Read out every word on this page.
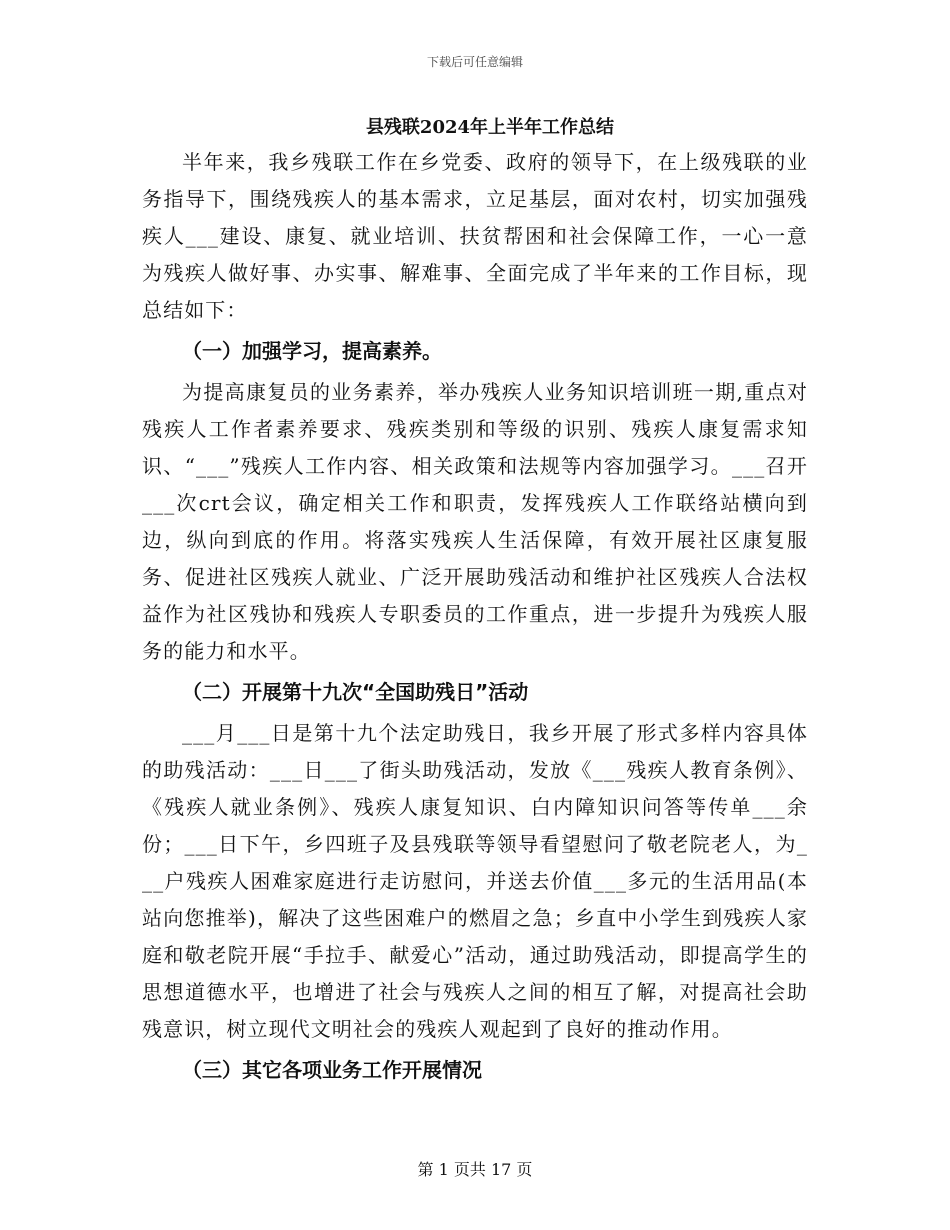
下载后可任意编辑
县残联2024年上半年工作总结

半年来，我乡残联工作在乡党委、政府的领导下，在上级残联的业务指导下，围绕残疾人的基本需求，立足基层，面对农村，切实加强残疾人___建设、康复、就业培训、扶贫帮困和社会保障工作，一心一意为残疾人做好事、办实事、解难事、全面完成了半年来的工作目标，现总结如下：

（一）加强学习，提高素养。

为提高康复员的业务素养，举办残疾人业务知识培训班一期,重点对残疾人工作者素养要求、残疾类别和等级的识别、残疾人康复需求知识、“___”残疾人工作内容、相关政策和法规等内容加强学习。___召开___次crt会议，确定相关工作和职责，发挥残疾人工作联络站横向到边，纵向到底的作用。将落实残疾人生活保障，有效开展社区康复服务、促进社区残疾人就业、广泛开展助残活动和维护社区残疾人合法权益作为社区残协和残疾人专职委员的工作重点，进一步提升为残疾人服务的能力和水平。

（二）开展第十九次“全国助残日”活动

___月___日是第十九个法定助残日，我乡开展了形式多样内容具体的助残活动：___日___了街头助残活动，发放《___残疾人教育条例》、《残疾人就业条例》、残疾人康复知识、白内障知识问答等传单___余份；___日下午，乡四班子及县残联等领导看望慰问了敬老院老人，为___户残疾人困难家庭进行走访慰问，并送去价值___多元的生活用品(本站向您推举)，解决了这些困难户的燃眉之急；乡直中小学生到残疾人家庭和敬老院开展“手拉手、献爱心”活动，通过助残活动，即提高学生的思想道德水平，也增进了社会与残疾人之间的相互了解，对提高社会助残意识，树立现代文明社会的残疾人观起到了良好的推动作用。

（三）其它各项业务工作开展情况

第 1 页共 17 页
